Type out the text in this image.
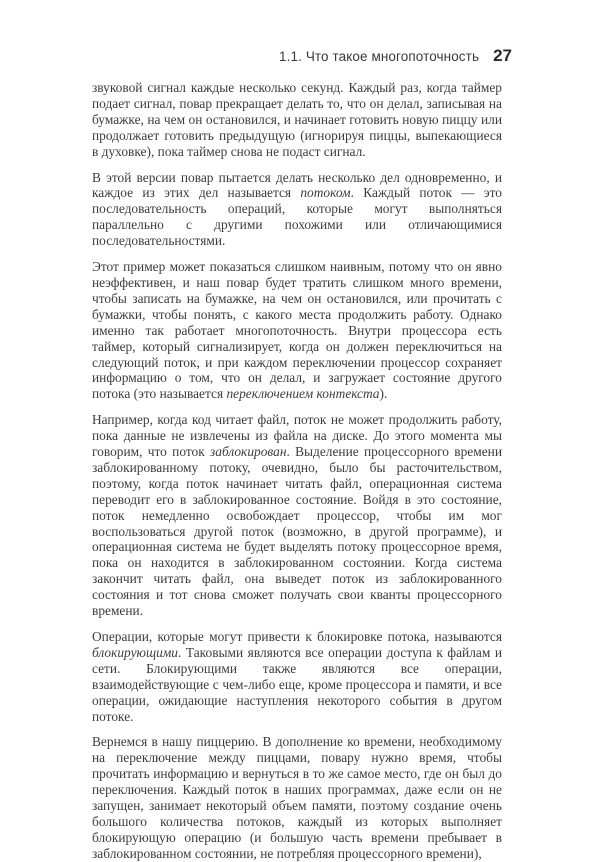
1.1. Что такое многопоточность 27

звуковой сигнал каждые несколько секунд. Каждый раз, когда таймер подает сигнал, повар прекращает делать то, что он делал, записывая на бумажке, на чем он остановился, и начинает готовить новую пиццу или продолжает готовить предыдущую (игнорируя пиццы, выпекающиеся в духовке), пока таймер снова не подаст сигнал.

В этой версии повар пытается делать несколько дел одновременно, и каждое из этих дел называется потоком. Каждый поток — это последовательность операций, которые могут выполняться параллельно с другими похожими или отличающимися последовательностями.

Этот пример может показаться слишком наивным, потому что он явно неэффективен, и наш повар будет тратить слишком много времени, чтобы записать на бумажке, на чем он остановился, или прочитать с бумажки, чтобы понять, с какого места продолжить работу. Однако именно так работает многопоточность. Внутри процессора есть таймер, который сигнализирует, когда он должен переключиться на следующий поток, и при каждом переключении процессор сохраняет информацию о том, что он делал, и загружает состояние другого потока (это называется переключением контекста).

Например, когда код читает файл, поток не может продолжить работу, пока данные не извлечены из файла на диске. До этого момента мы говорим, что поток заблокирован. Выделение процессорного времени заблокированному потоку, очевидно, было бы расточительством, поэтому, когда поток начинает читать файл, операционная система переводит его в заблокированное состояние. Войдя в это состояние, поток немедленно освобождает процессор, чтобы им мог воспользоваться другой поток (возможно, в другой программе), и операционная система не будет выделять потоку процессорное время, пока он находится в заблокированном состоянии. Когда система закончит читать файл, она выведет поток из заблокированного состояния и тот снова сможет получать свои кванты процессорного времени.

Операции, которые могут привести к блокировке потока, называются блокирующими. Таковыми являются все операции доступа к файлам и сети. Блокирующими также являются все операции, взаимодействующие с чем-либо еще, кроме процессора и памяти, и все операции, ожидающие наступления некоторого события в другом потоке.

Вернемся в нашу пиццерию. В дополнение ко времени, необходимому на переключение между пиццами, повару нужно время, чтобы прочитать информацию и вернуться в то же самое место, где он был до переключения. Каждый поток в наших программах, даже если он не запущен, занимает некоторый объем памяти, поэтому создание очень большого количества потоков, каждый из которых выполняет блокирующую операцию (и большую часть времени пребывает в заблокированном состоянии, не потребляя процессорного времени),
